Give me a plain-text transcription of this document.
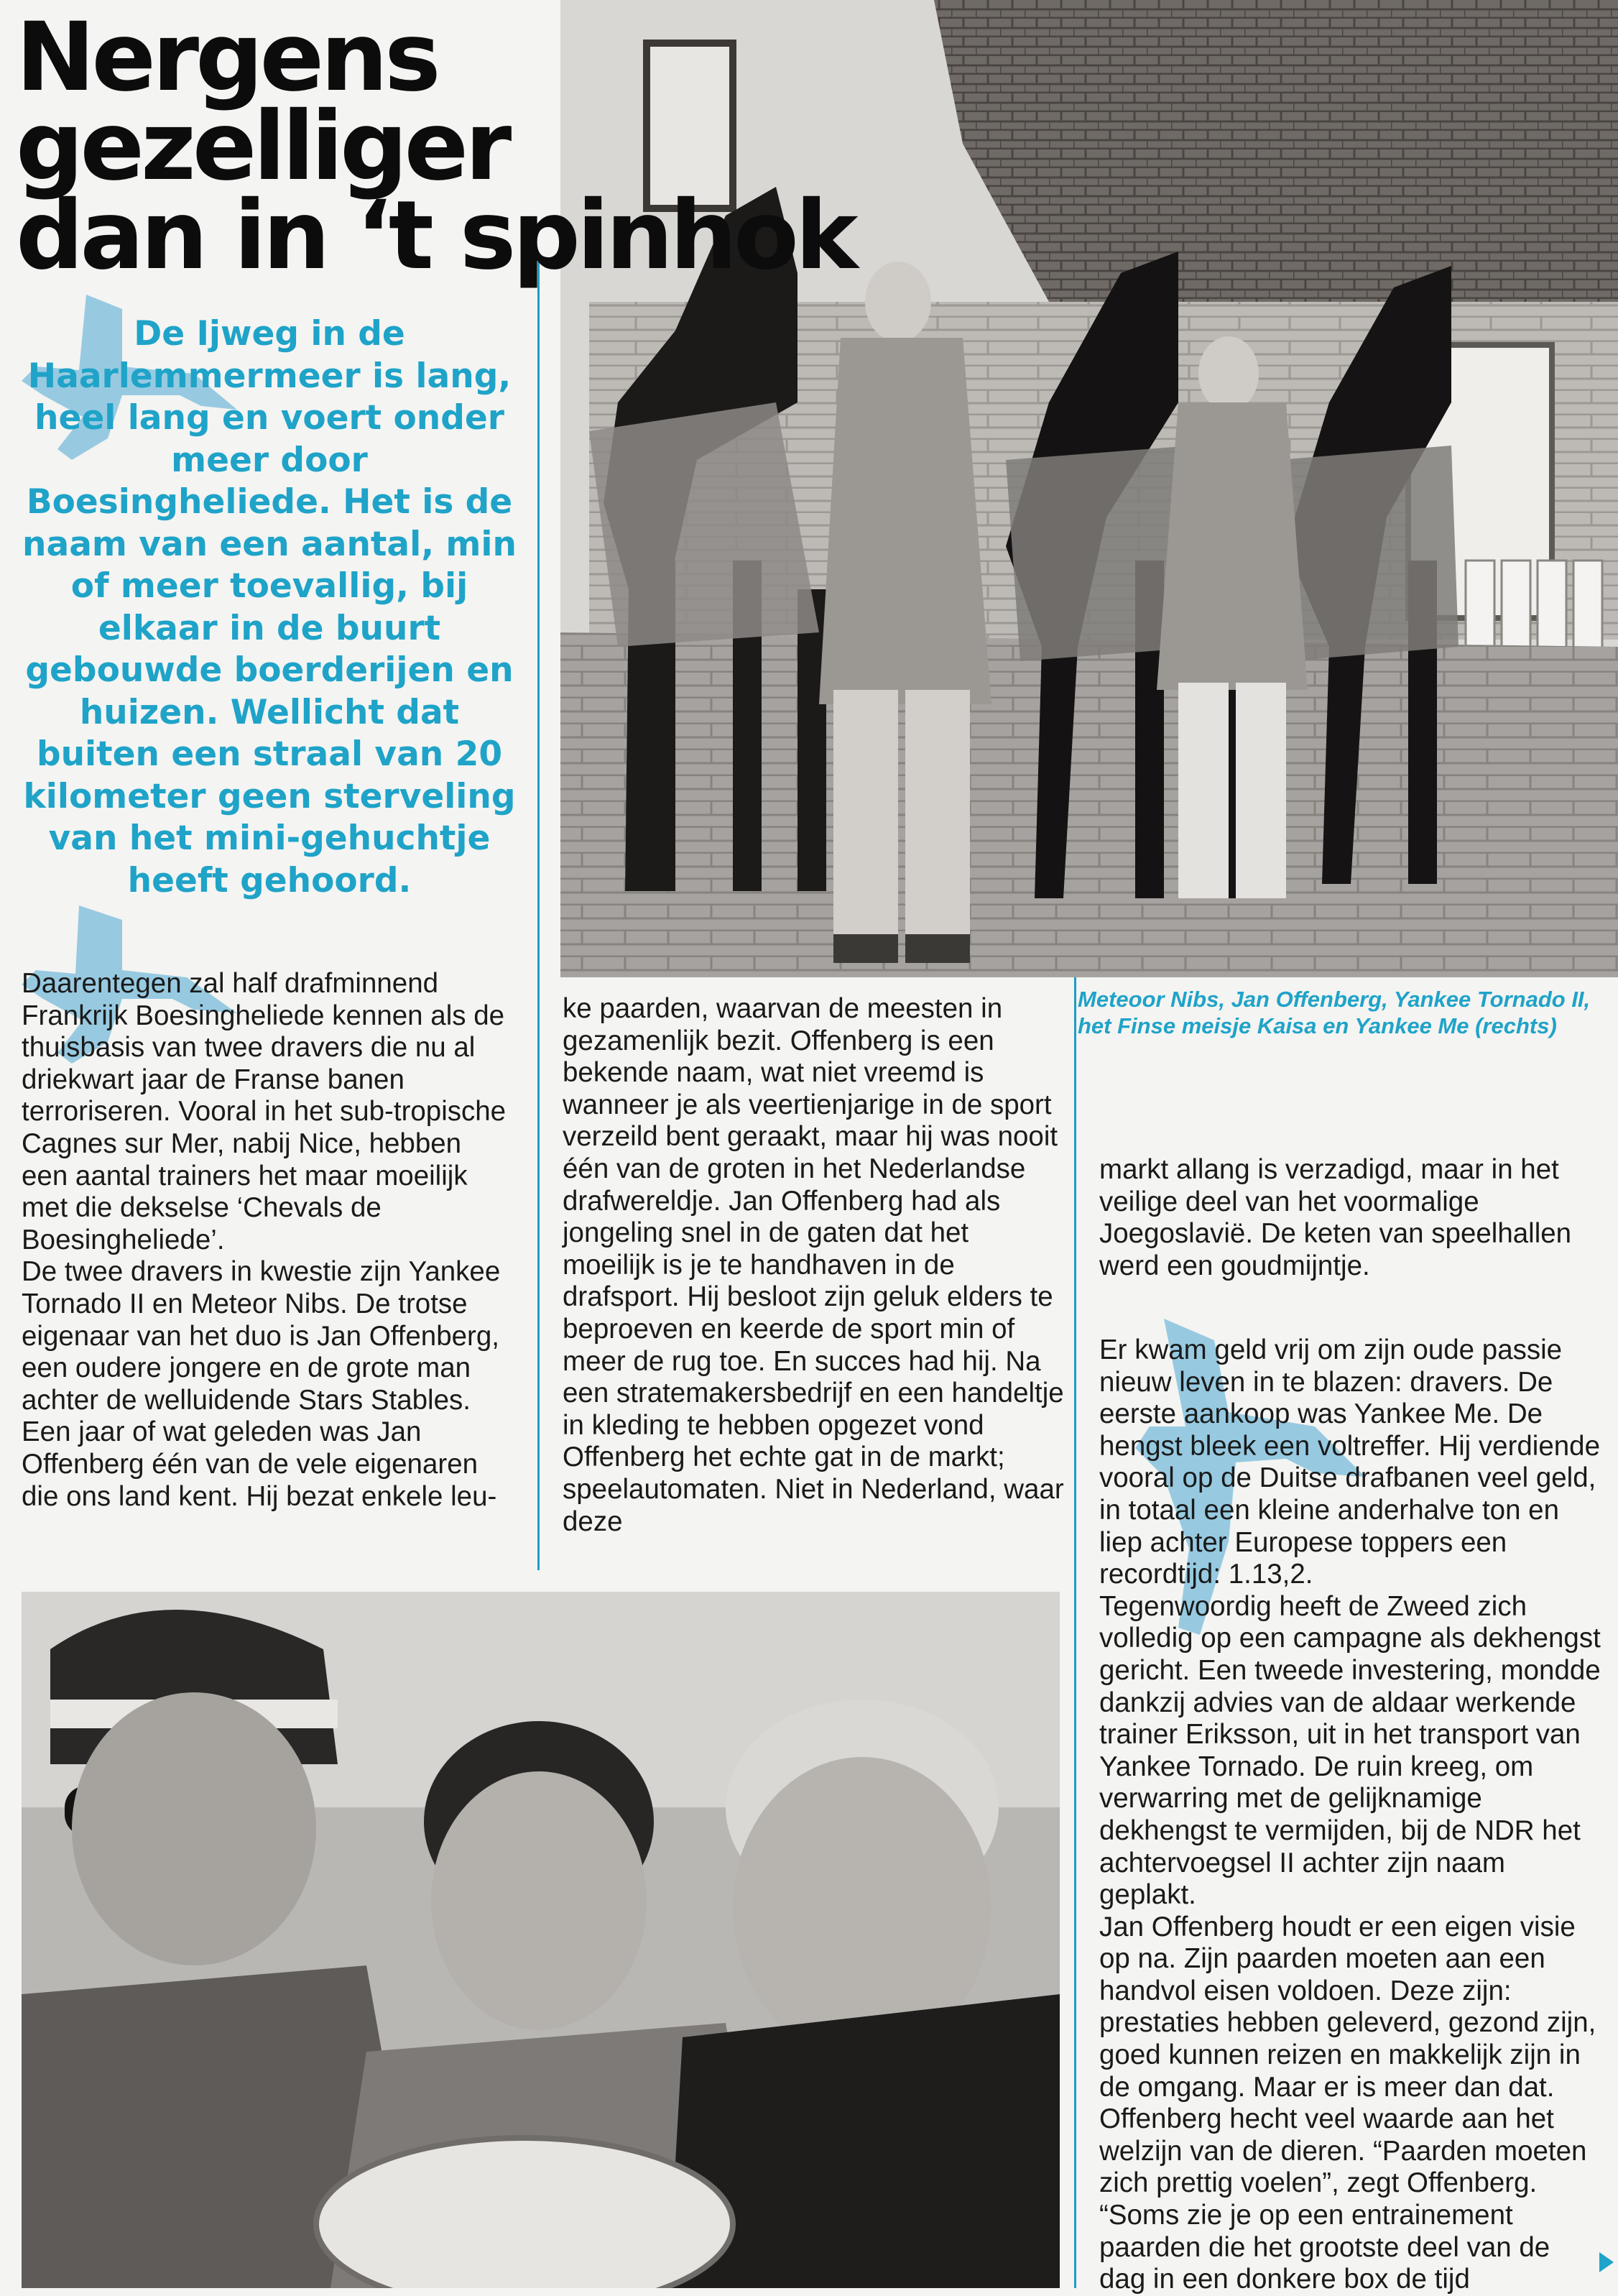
Nergens gezelliger
dan in ‘t spinhok

De Ijweg in de Haarlemmermeer is lang, heel lang en voert onder meer door Boesingheliede. Het is de naam van een aantal, min of meer toevallig, bij elkaar in de buurt gebouwde boerderijen en huizen. Wellicht dat buiten een straal van 20 kilometer geen sterveling van het mini-gehuchtje heeft gehoord.

Meteoor Nibs, Jan Offenberg, Yankee Tornado II, het Finse meisje Kaisa en Yankee Me (rechts)

Daarentegen zal half drafminnend Frankrijk Boesingheliede kennen als de thuisbasis van twee dravers die nu al driekwart jaar de Franse banen terroriseren. Vooral in het sub-tropische Cagnes sur Mer, nabij Nice, hebben een aantal trainers het maar moeilijk met die dekselse ‘Chevals de Boesingheliede’.

De twee dravers in kwestie zijn Yankee Tornado II en Meteor Nibs. De trotse eigenaar van het duo is Jan Offenberg, een oudere jongere en de grote man achter de welluidende Stars Stables.

Een jaar of wat geleden was Jan Offenberg één van de vele eigenaren die ons land kent. Hij bezat enkele leu-

ke paarden, waarvan de meesten in gezamenlijk bezit. Offenberg is een bekende naam, wat niet vreemd is wanneer je als veertienjarige in de sport verzeild bent geraakt, maar hij was nooit één van de groten in het Nederlandse drafwereldje. Jan Offenberg had als jongeling snel in de gaten dat het moeilijk is je te handhaven in de drafsport. Hij besloot zijn geluk elders te beproeven en keerde de sport min of meer de rug toe. En succes had hij. Na een stratemakersbedrijf en een handeltje in kleding te hebben opgezet vond Offenberg het echte gat in de markt; speelautomaten. Niet in Nederland, waar deze

markt allang is verzadigd, maar in het veilige deel van het voormalige Joegoslavië. De keten van speelhallen werd een goudmijntje.

Er kwam geld vrij om zijn oude passie nieuw leven in te blazen: dravers. De eerste aankoop was Yankee Me. De hengst bleek een voltreffer. Hij verdiende vooral op de Duitse drafbanen veel geld, in totaal een kleine anderhalve ton en liep achter Europese toppers een recordtijd: 1.13,2.

Tegenwoordig heeft de Zweed zich volledig op een campagne als dekhengst gericht. Een tweede investering, mondde dankzij advies van de aldaar werkende trainer Eriksson, uit in het transport van Yankee Tornado. De ruin kreeg, om verwarring met de gelijknamige dekhengst te vermijden, bij de NDR het achtervoegsel II achter zijn naam geplakt.

Jan Offenberg houdt er een eigen visie op na. Zijn paarden moeten aan een handvol eisen voldoen. Deze zijn: prestaties hebben geleverd, gezond zijn, goed kunnen reizen en makkelijk zijn in de omgang. Maar er is meer dan dat. Offenberg hecht veel waarde aan het welzijn van de dieren. “Paarden moeten zich prettig voelen”, zegt Offenberg. “Soms zie je op een entrainement paarden die het grootste deel van de dag in een donkere box de tijd
